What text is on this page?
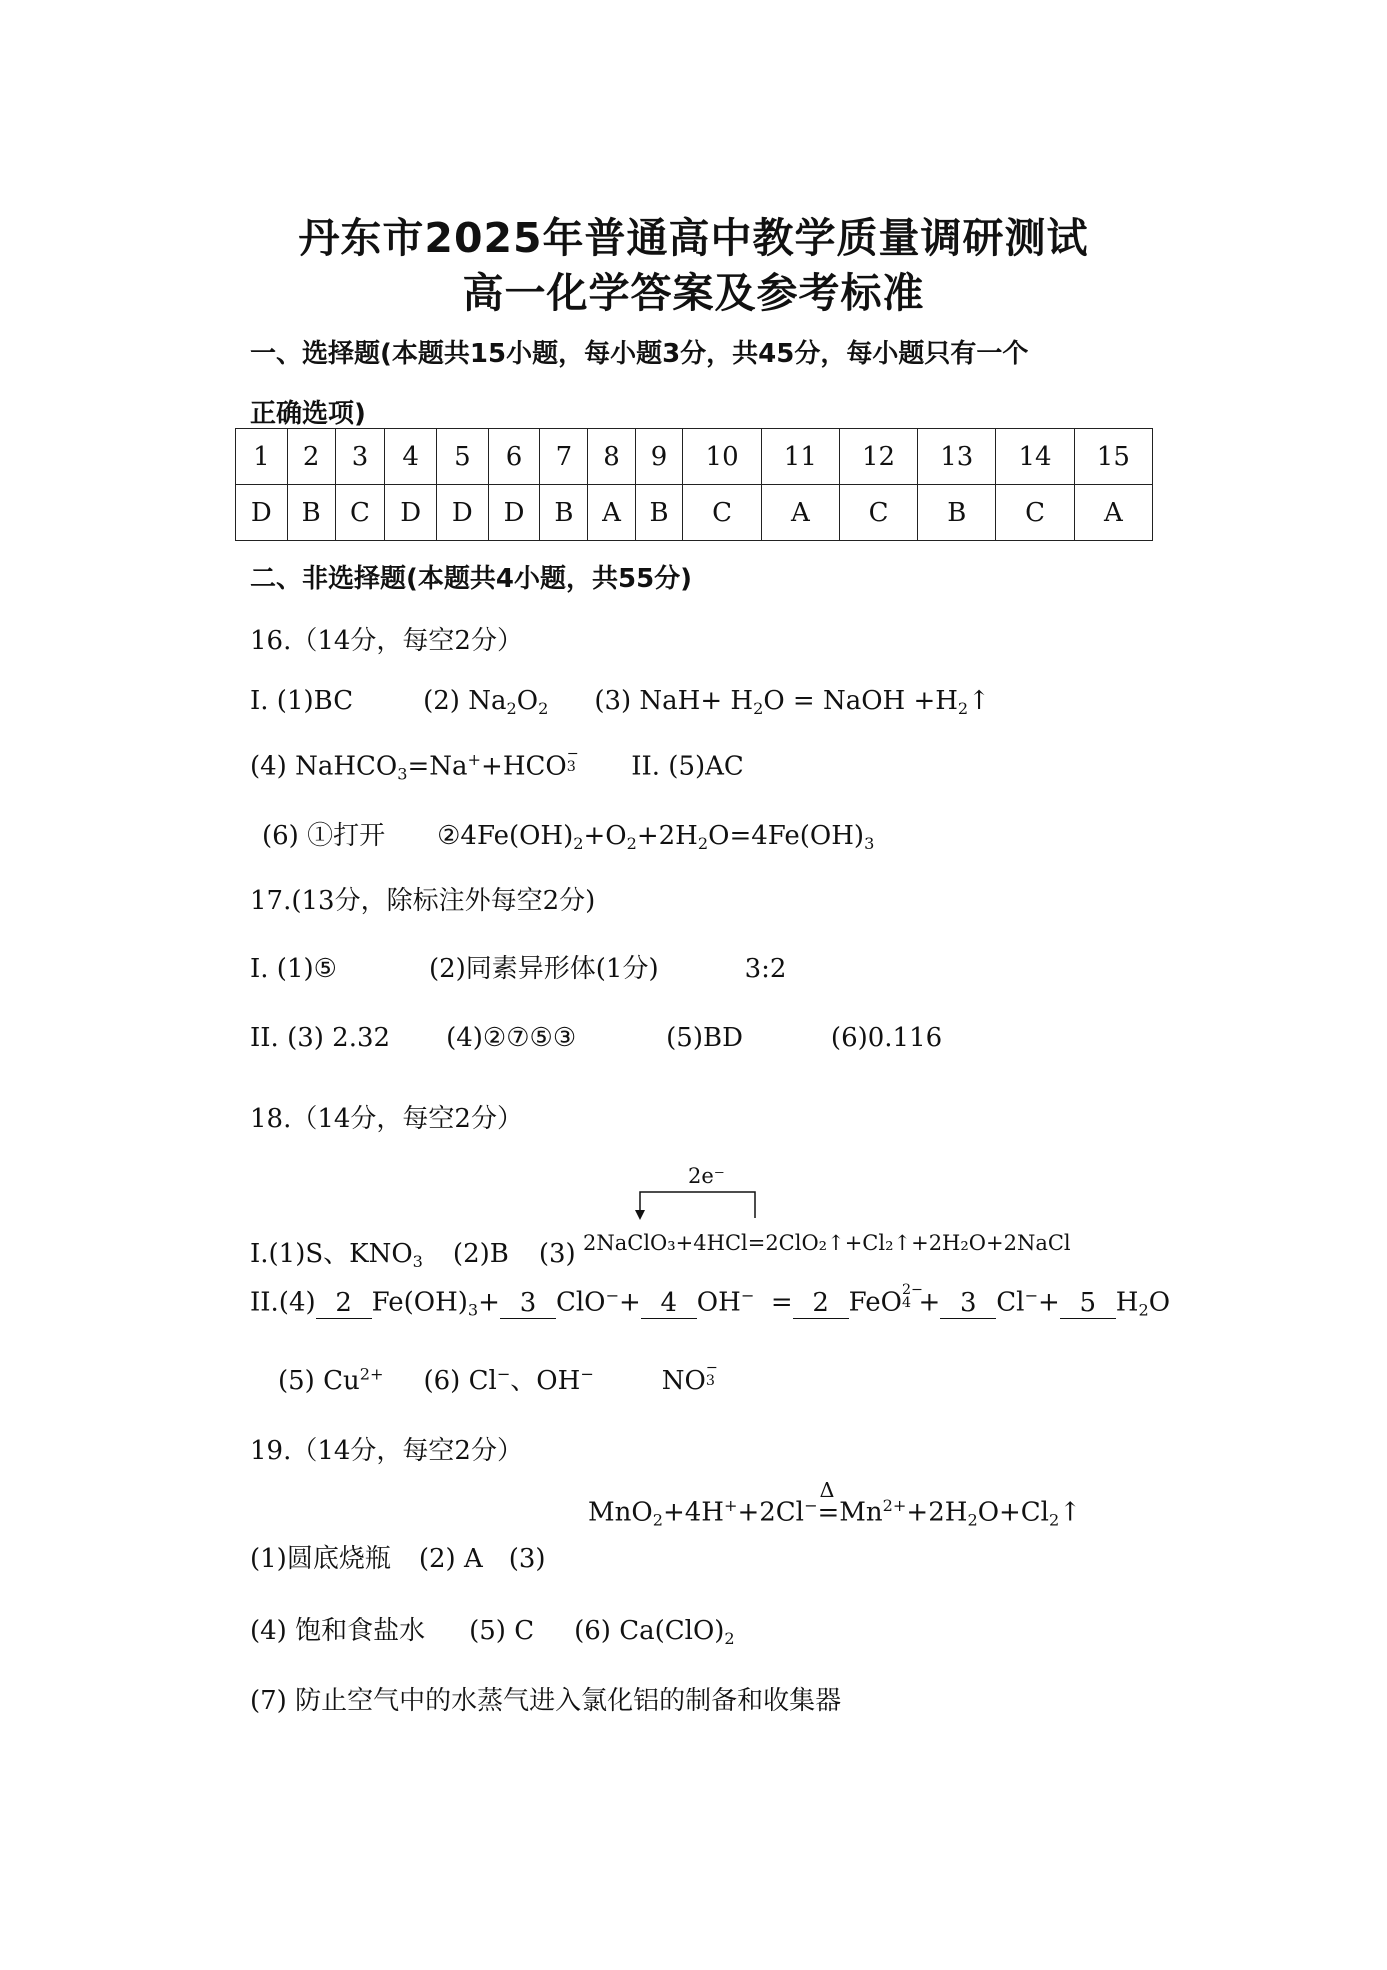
丹东市2025年普通高中教学质量调研测试
高一化学答案及参考标准
一、选择题(本题共15小题，每小题3分，共45分，每小题只有一个
正确选项)
1	2	3	4	5	6	7	8	9	10	11	12	13	14	15
D	B	C	D	D	D	B	A	B	C	A	C	B	C	A
二、非选择题(本题共4小题，共55分)
16.（14分，每空2分）
I. (1)BC	(2) $Na_2O_2$ (3) $NaH+ H_2O$ = NaOH $+H_2↑$
(4) NaHCO$_3$=Na++HCO −
3 II. (5)AC
(6) ①打开 $②4Fe(OH)_2+O_2+2H_2O=4Fe(OH)_3$
17.(13分，除标注外每空2分)
I. (1)⑤	(2)同素异形体(1分)	3:2
II. (3) 2.32 (4)②⑦⑤③	(5)BD	(6)0.116
18.（14分，每空2分）
2e⁻
I.(1)S、$KNO_3$ (2)B (3) 2NaClO₃+4HCl=2ClO₂↑+Cl₂↑+2H₂O+2NaCl
II.(4) 2 $Fe(OH)_3+ 3$ ClO−+ 4 OH− = 2 FeO 2−
4 + 3 Cl−+ 5 $H_2O$
(5) $Cu^{2+}$ (6) Cl−、OH−	NO −
3

19.（14分，每空2分）
MnO$_2$+4H++2Cl−
Δ
$=Mn^{2+}+2H_2O+Cl_2↑$
(1)圆底烧瓶 (2) A (3)
(4) 饱和食盐水 (5) C (6) $Ca(ClO)_2$
(7) 防止空气中的水蒸气进入氯化铝的制备和收集器
